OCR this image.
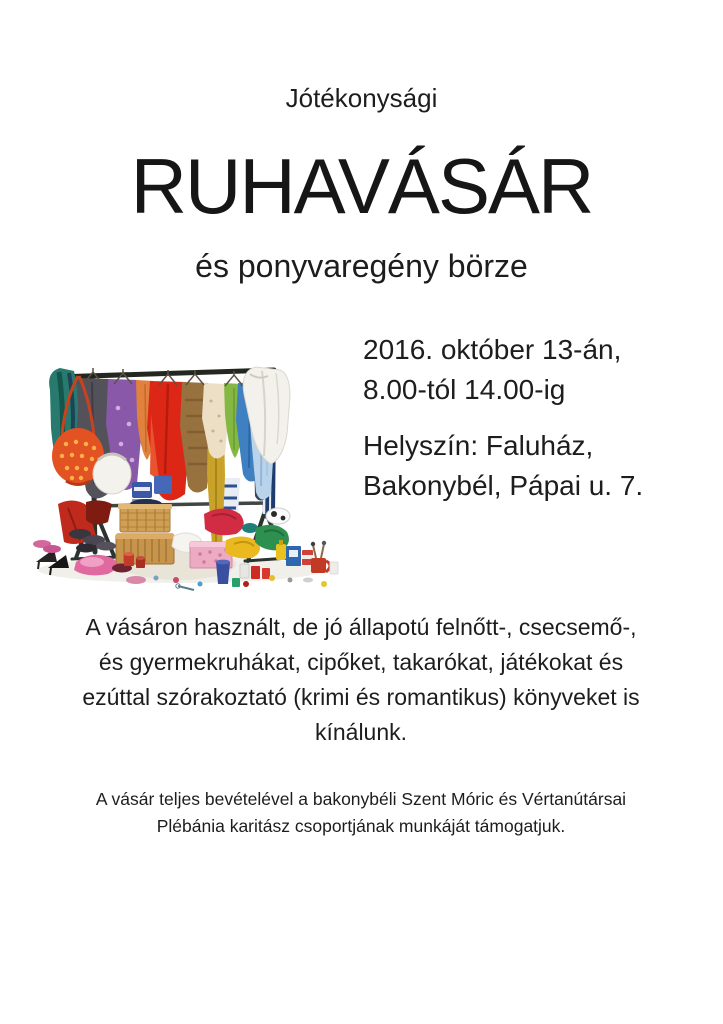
Jótékonysági
RUHAVÁSÁR
és ponyvaregény börze
2016. október 13-án,
8.00-tól 14.00-ig
Helyszín: Faluház,
Bakonybél, Pápai u. 7.

A vásáron használt, de jó állapotú felnőtt-, csecsemő-, és gyermekruhákat, cipőket, takarókat, játékokat és ezúttal szórakoztató (krimi és romantikus) könyveket is kínálunk.

A vásár teljes bevételével a bakonybéli Szent Móric és Vértanútársai Plébánia karitász csoportjának munkáját támogatjuk.
